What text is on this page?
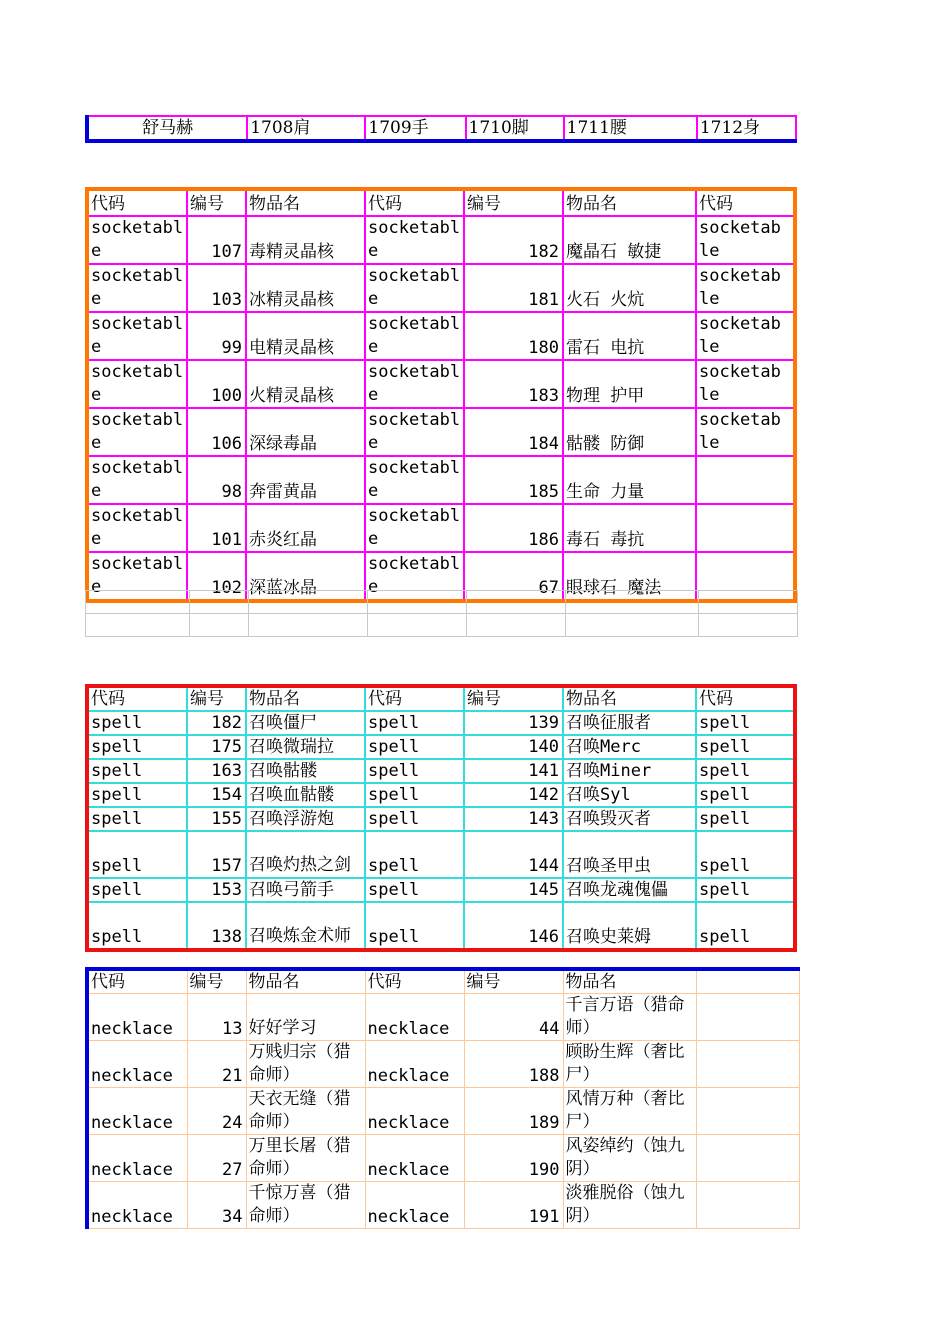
舒马赫	1708肩	1709手	1710脚	1711腰	1712身
代码	编号	物品名	代码	编号	物品名	代码
socketable	107	毒精灵晶核	socketable	182	魔晶石 敏捷	socketable
socketable	103	冰精灵晶核	socketable	181	火石 火炕	socketable
socketable	99	电精灵晶核	socketable	180	雷石 电抗	socketable
socketable	100	火精灵晶核	socketable	183	物理 护甲	socketable
socketable	106	深绿毒晶	socketable	184	骷髅 防御	socketable
socketable	98	奔雷黄晶	socketable	185	生命 力量	
socketable	101	赤炎红晶	socketable	186	毒石 毒抗	
socketable	102	深蓝冰晶	socketable	67	眼球石 魔法	

代码	编号	物品名	代码	编号	物品名	代码
spell	182	召唤僵尸	spell	139	召唤征服者	spell
spell	175	召唤微瑞拉	spell	140	召唤Merc	spell
spell	163	召唤骷髅	spell	141	召唤Miner	spell
spell	154	召唤血骷髅	spell	142	召唤Syl	spell
spell	155	召唤浮游炮	spell	143	召唤毁灭者	spell
spell	157	召唤灼热之剑	spell	144	召唤圣甲虫	spell
spell	153	召唤弓箭手	spell	145	召唤龙魂傀儡	spell
spell	138	召唤炼金术师	spell	146	召唤史莱姆	spell
代码	编号	物品名	代码	编号	物品名	
necklace	13	好好学习	necklace	44	千言万语（猎命师）	
necklace	21	万贱归宗（猎命师）	necklace	188	顾盼生辉（奢比尸）	
necklace	24	天衣无缝（猎命师）	necklace	189	风情万种（奢比尸）	
necklace	27	万里长屠（猎命师）	necklace	190	风姿绰约（蚀九阴）	
necklace	34	千惊万喜（猎命师）	necklace	191	淡雅脱俗（蚀九阴）	
